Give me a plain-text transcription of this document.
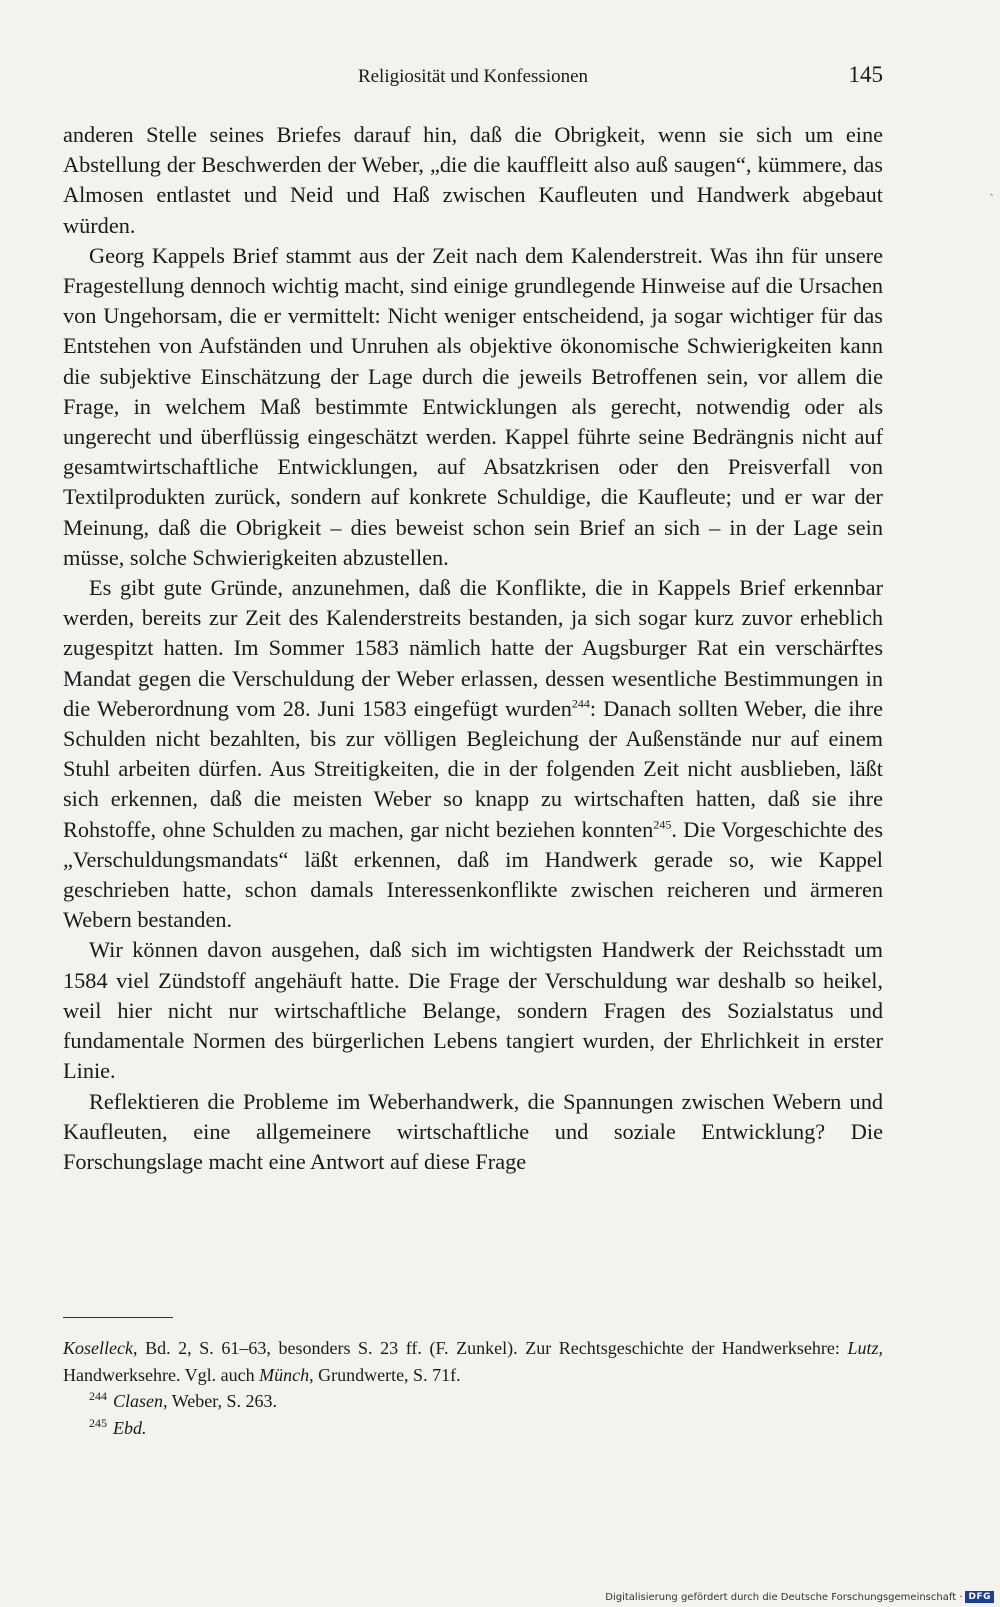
Religiosität und Konfessionen	145
ˏ

anderen Stelle seines Briefes darauf hin, daß die Obrigkeit, wenn sie sich um eine Abstellung der Beschwerden der Weber, „die die kauffleitt also auß saugen“, kümmere, das Almosen entlastet und Neid und Haß zwischen Kaufleuten und Handwerk abgebaut würden.

Georg Kappels Brief stammt aus der Zeit nach dem Kalenderstreit. Was ihn für unsere Fragestellung dennoch wichtig macht, sind einige grundlegende Hinweise auf die Ursachen von Ungehorsam, die er vermittelt: Nicht weniger entscheidend, ja sogar wichtiger für das Entstehen von Aufständen und Unruhen als objektive ökonomische Schwierigkeiten kann die subjektive Einschätzung der Lage durch die jeweils Betroffenen sein, vor allem die Frage, in welchem Maß bestimmte Entwicklungen als gerecht, notwendig oder als ungerecht und überflüssig eingeschätzt werden. Kappel führte seine Bedrängnis nicht auf gesamtwirtschaftliche Entwicklungen, auf Absatzkrisen oder den Preisverfall von Textilprodukten zurück, sondern auf konkrete Schuldige, die Kaufleute; und er war der Meinung, daß die Obrigkeit – dies beweist schon sein Brief an sich – in der Lage sein müsse, solche Schwierigkeiten abzustellen.

Es gibt gute Gründe, anzunehmen, daß die Konflikte, die in Kappels Brief erkennbar werden, bereits zur Zeit des Kalenderstreits bestanden, ja sich sogar kurz zuvor erheblich zugespitzt hatten. Im Sommer 1583 nämlich hatte der Augsburger Rat ein verschärftes Mandat gegen die Verschuldung der Weber erlassen, dessen wesentliche Bestimmungen in die Weberordnung vom 28. Juni 1583 eingefügt wurden$^{244}$: Danach sollten Weber, die ihre Schulden nicht bezahlten, bis zur völligen Begleichung der Außenstände nur auf einem Stuhl arbeiten dürfen. Aus Streitigkeiten, die in der folgenden Zeit nicht ausblieben, läßt sich erkennen, daß die meisten Weber so knapp zu wirtschaften hatten, daß sie ihre Rohstoffe, ohne Schulden zu machen, gar nicht beziehen konnten$^{245}$. Die Vorgeschichte des „Verschuldungsmandats“ läßt erkennen, daß im Handwerk gerade so, wie Kappel geschrieben hatte, schon damals Interessenkonflikte zwischen reicheren und ärmeren Webern bestanden.

Wir können davon ausgehen, daß sich im wichtigsten Handwerk der Reichsstadt um 1584 viel Zündstoff angehäuft hatte. Die Frage der Verschuldung war deshalb so heikel, weil hier nicht nur wirtschaftliche Belange, sondern Fragen des Sozialstatus und fundamentale Normen des bürgerlichen Lebens tangiert wurden, der Ehrlichkeit in erster Linie.

Reflektieren die Probleme im Weberhandwerk, die Spannungen zwischen Webern und Kaufleuten, eine allgemeinere wirtschaftliche und soziale Entwicklung? Die Forschungslage macht eine Antwort auf diese Frage

Koselleck, Bd. 2, S. 61–63, besonders S. 23 ff. (F. Zunkel). Zur Rechtsgeschichte der Handwerksehre: Lutz, Handwerksehre. Vgl. auch Münch, Grundwerte, S. 71f.

$^{244}$ Clasen, Weber, S. 263.

$^{245}$ Ebd.

Digitalisierung gefördert durch die Deutsche Forschungsgemeinschaft · DFG
